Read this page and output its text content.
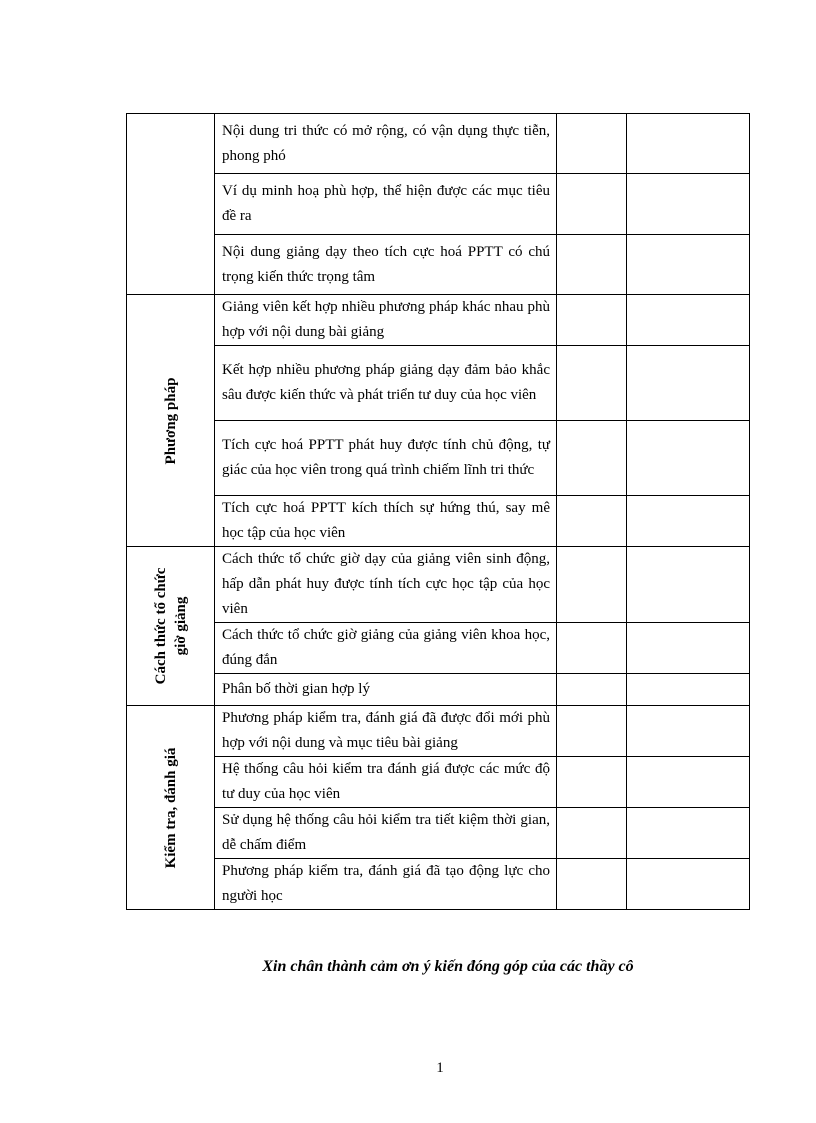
	Nội dung tri thức có mở rộng, có vận dụng thực tiễn, phong phó		

	Ví dụ minh hoạ phù hợp, thể hiện được các mục tiêu đề ra		

	Nội dung giảng dạy theo tích cực hoá PPTT có chú trọng kiến thức trọng tâm		

Phương pháp	Giảng viên kết hợp nhiều phương pháp khác nhau phù hợp với nội dung bài giảng		

	Kết hợp nhiều phương pháp giảng dạy đảm bảo khắc sâu được kiến thức và phát triển tư duy của học viên		

	Tích cực hoá PPTT phát huy được tính chủ động, tự giác của học viên trong quá trình chiếm lĩnh tri thức		

	Tích cực hoá PPTT kích thích sự hứng thú, say mê học tập của học viên		

Cách thức tổ chức giờ giảng	Cách thức tổ chức giờ dạy của giảng viên sinh động, hấp dẫn phát huy được tính tích cực học tập của học viên		

	Cách thức tổ chức giờ giảng của giảng viên khoa học, đúng đắn		

	Phân bố thời gian hợp lý		

Kiểm tra, đánh giá	Phương pháp kiểm tra, đánh giá đã được đổi mới phù hợp với nội dung và mục tiêu bài giảng		

	Hệ thống câu hỏi kiểm tra đánh giá được các mức độ tư duy của học viên		

	Sử dụng hệ thống câu hỏi kiểm tra tiết kiệm thời gian, dễ chấm điểm		

	Phương pháp kiểm tra, đánh giá đã tạo động lực cho người học		

Xin chân thành cảm ơn ý kiến đóng góp của các thầy cô
1
